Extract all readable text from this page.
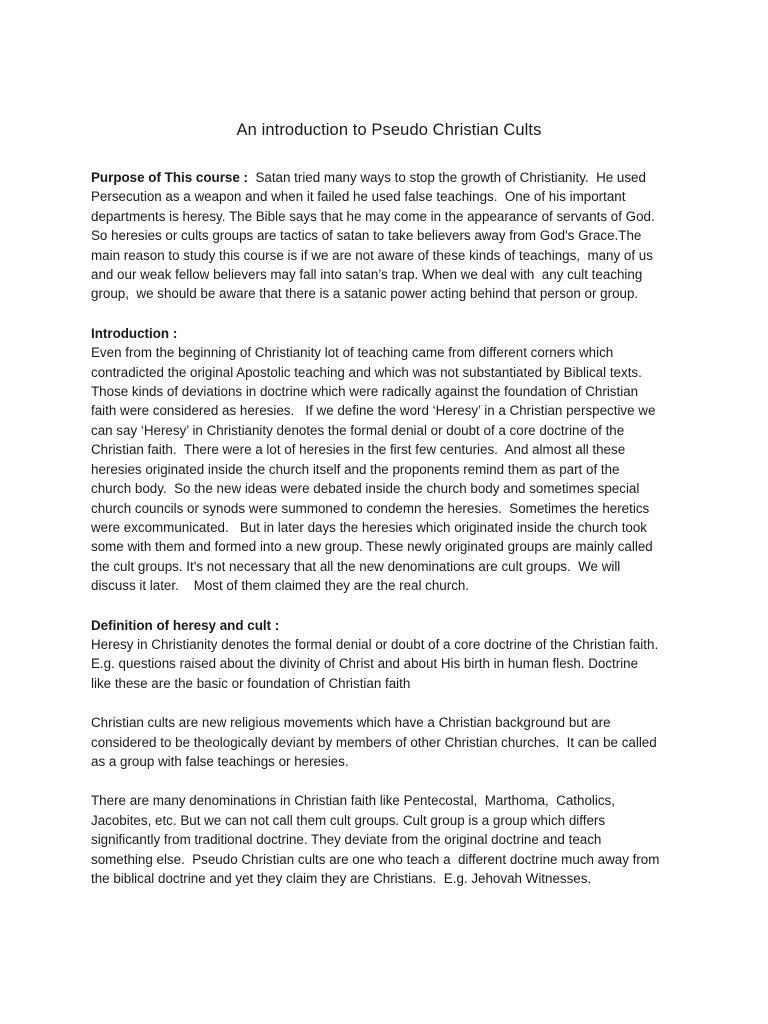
An introduction to Pseudo Christian Cults
Purpose of This course :  Satan tried many ways to stop the growth of Christianity.  He used
Persecution as a weapon and when it failed he used false teachings.  One of his important
departments is heresy. The Bible says that he may come in the appearance of servants of God.
So heresies or cults groups are tactics of satan to take believers away from God's Grace.The
main reason to study this course is if we are not aware of these kinds of teachings,  many of us
and our weak fellow believers may fall into satan’s trap. When we deal with  any cult teaching
group,  we should be aware that there is a satanic power acting behind that person or group.
Introduction :
Even from the beginning of Christianity lot of teaching came from different corners which
contradicted the original Apostolic teaching and which was not substantiated by Biblical texts.
Those kinds of deviations in doctrine which were radically against the foundation of Christian
faith were considered as heresies.   If we define the word ‘Heresy’ in a Christian perspective we
can say ‘Heresy’ in Christianity denotes the formal denial or doubt of a core doctrine of the
Christian faith.  There were a lot of heresies in the first few centuries.  And almost all these
heresies originated inside the church itself and the proponents remind them as part of the
church body.  So the new ideas were debated inside the church body and sometimes special
church councils or synods were summoned to condemn the heresies.  Sometimes the heretics
were excommunicated.   But in later days the heresies which originated inside the church took
some with them and formed into a new group. These newly originated groups are mainly called
the cult groups. It's not necessary that all the new denominations are cult groups.  We will
discuss it later.    Most of them claimed they are the real church.
Definition of heresy and cult :
Heresy in Christianity denotes the formal denial or doubt of a core doctrine of the Christian faith.
E.g. questions raised about the divinity of Christ and about His birth in human flesh. Doctrine
like these are the basic or foundation of Christian faith
Christian cults are new religious movements which have a Christian background but are
considered to be theologically deviant by members of other Christian churches.  It can be called
as a group with false teachings or heresies.
There are many denominations in Christian faith like Pentecostal,  Marthoma,  Catholics,
Jacobites, etc. But we can not call them cult groups. Cult group is a group which differs
significantly from traditional doctrine. They deviate from the original doctrine and teach
something else.  Pseudo Christian cults are one who teach a  different doctrine much away from
the biblical doctrine and yet they claim they are Christians.  E.g. Jehovah Witnesses.
